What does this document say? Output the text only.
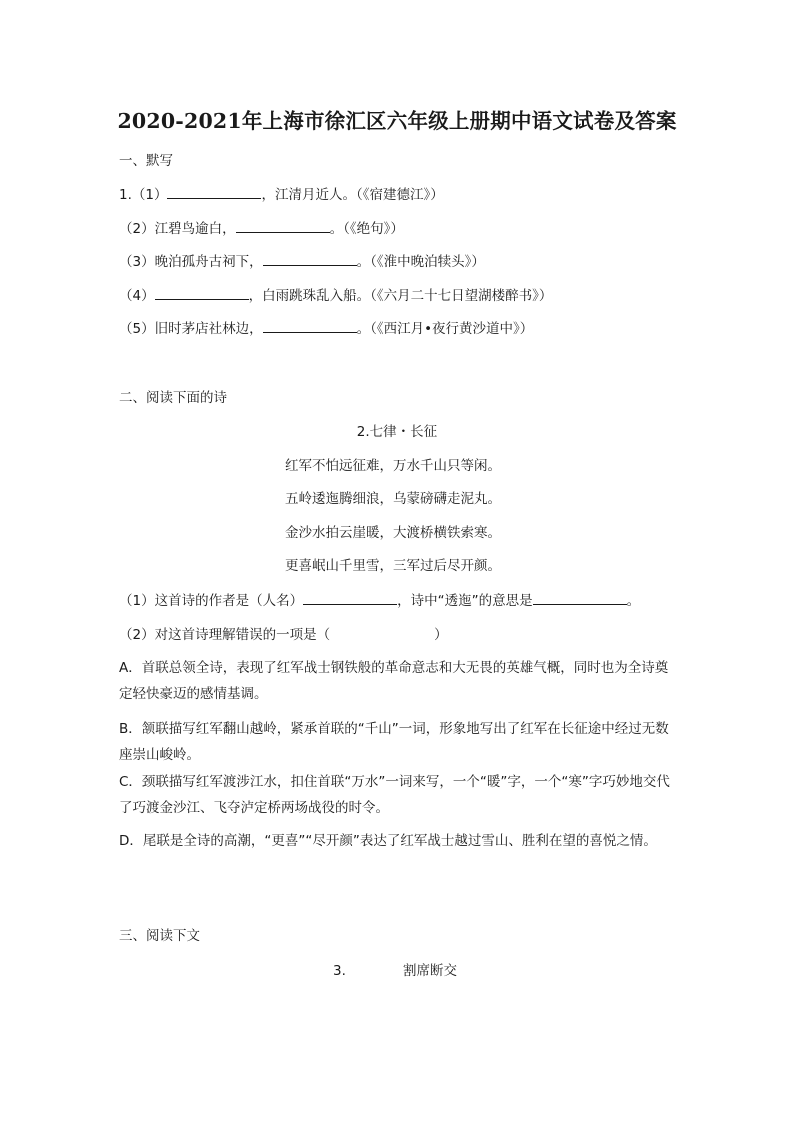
2020-2021年上海市徐汇区六年级上册期中语文试卷及答案
一、默写
1.（1）	，江清月近人。（《宿建德江》）
（2）江碧鸟逾白，	。（《绝句》）
（3）晚泊孤舟古祠下，	。（《淮中晚泊犊头》）
（4）	，白雨跳珠乱入船。（《六月二十七日望湖楼醉书》）
（5）旧时茅店社林边，	。（《西江月•夜行黄沙道中》）
二、阅读下面的诗
2.七律・长征
红军不怕远征难，万水千山只等闲。
五岭逶迤腾细浪，乌蒙磅礴走泥丸。
金沙水拍云崖暖，大渡桥横铁索寒。
更喜岷山千里雪，三军过后尽开颜。
（1）这首诗的作者是（人名）	，诗中“透迤”的意思是	。
（2）对这首诗理解错误的一项是（	）
A．首联总领全诗，表现了红军战士钢铁般的革命意志和大无畏的英雄气概，同时也为全诗奠定轻快豪迈的感情基调。
B．颔联描写红军翻山越岭，紧承首联的“千山”一词，形象地写出了红军在长征途中经过无数座崇山峻岭。
C．颈联描写红军渡涉江水，扣住首联“万水”一词来写，一个“暖”字，一个“寒”字巧妙地交代了巧渡金沙江、飞夺泸定桥两场战役的时令。
D．尾联是全诗的高潮，“更喜”“尽开颜”表达了红军战士越过雪山、胜利在望的喜悦之情。
三、阅读下文
3.	割席断交
